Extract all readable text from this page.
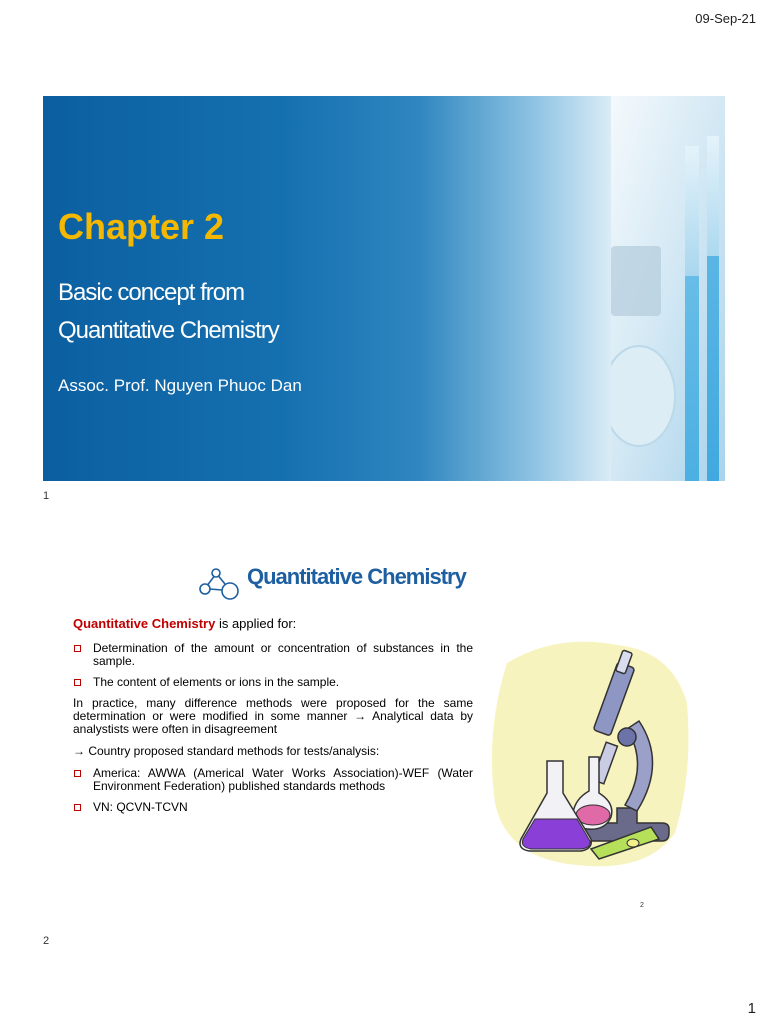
09-Sep-21
Chapter 2
Basic concept from
Quantitative Chemistry
Assoc. Prof. Nguyen Phuoc Dan
1
Quantitative Chemistry

Quantitative Chemistry is applied for:

Determination of the amount or concentration of substances in the sample.
The content of elements or ions in the sample.

In practice, many difference methods were proposed for the same determination or were modified in some manner → Analytical data by analystists were often in disagreement

→ Country proposed standard methods for tests/analysis:

America: AWWA (Americal Water Works Association)-WEF (Water Environment Federation) published standards methods
VN: QCVN-TCVN
2
2
1
